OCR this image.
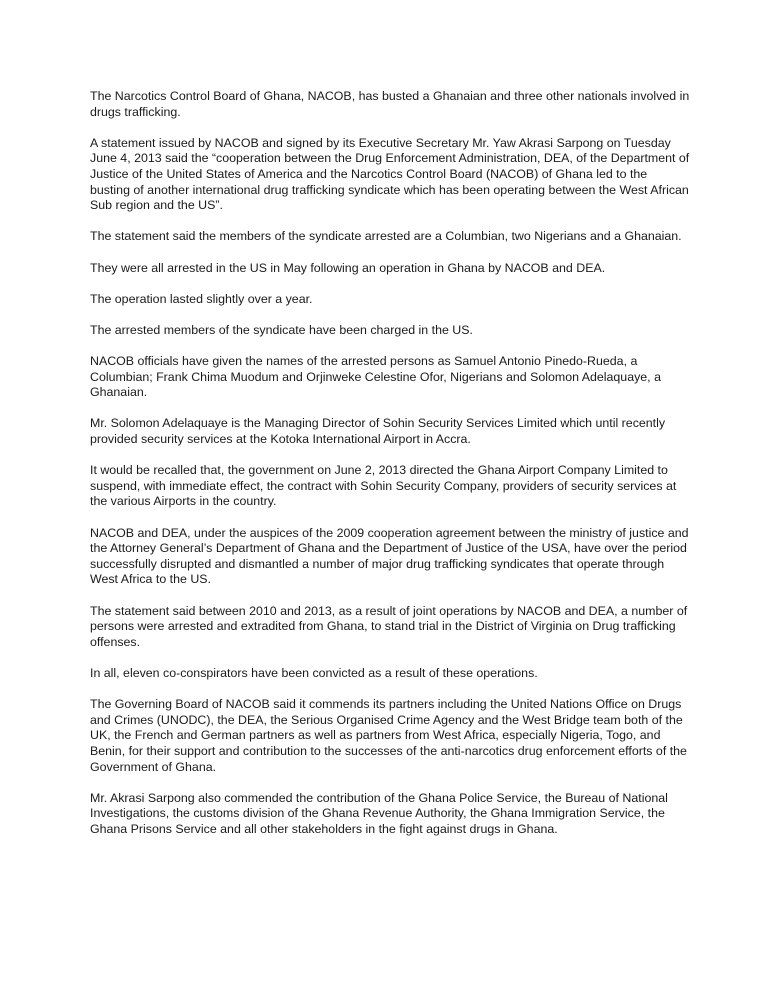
The Narcotics Control Board of Ghana, NACOB, has busted a Ghanaian and three other nationals involved in drugs trafficking.

A statement issued by NACOB and signed by its Executive Secretary Mr. Yaw Akrasi Sarpong on Tuesday June 4, 2013 said the “cooperation between the Drug Enforcement Administration, DEA, of the Department of Justice of the United States of America and the Narcotics Control Board (NACOB) of Ghana led to the busting of another international drug trafficking syndicate which has been operating between the West African Sub region and the US”.

The statement said the members of the syndicate arrested are a Columbian, two Nigerians and a Ghanaian.

They were all arrested in the US in May following an operation in Ghana by NACOB and DEA.

The operation lasted slightly over a year.

The arrested members of the syndicate have been charged in the US.

NACOB officials have given the names of the arrested persons as Samuel Antonio Pinedo-Rueda, a Columbian; Frank Chima Muodum and Orjinweke Celestine Ofor, Nigerians and Solomon Adelaquaye, a Ghanaian.

Mr. Solomon Adelaquaye is the Managing Director of Sohin Security Services Limited which until recently provided security services at the Kotoka International Airport in Accra.

It would be recalled that, the government on June 2, 2013 directed the Ghana Airport Company Limited to suspend, with immediate effect, the contract with Sohin Security Company, providers of security services at the various Airports in the country.

NACOB and DEA, under the auspices of the 2009 cooperation agreement between the ministry of justice and the Attorney General’s Department of Ghana and the Department of Justice of the USA, have over the period successfully disrupted and dismantled a number of major drug trafficking syndicates that operate through West Africa to the US.

The statement said between 2010 and 2013, as a result of joint operations by NACOB and DEA, a number of persons were arrested and extradited from Ghana, to stand trial in the District of Virginia on Drug trafficking offenses.

In all, eleven co-conspirators have been convicted as a result of these operations.

The Governing Board of NACOB said it commends its partners including the United Nations Office on Drugs and Crimes (UNODC), the DEA, the Serious Organised Crime Agency and the West Bridge team both of the UK, the French and German partners as well as partners from West Africa, especially Nigeria, Togo, and Benin, for their support and contribution to the successes of the anti-narcotics drug enforcement efforts of the Government of Ghana.

Mr. Akrasi Sarpong also commended the contribution of the Ghana Police Service, the Bureau of National Investigations, the customs division of the Ghana Revenue Authority, the Ghana Immigration Service, the Ghana Prisons Service and all other stakeholders in the fight against drugs in Ghana.
